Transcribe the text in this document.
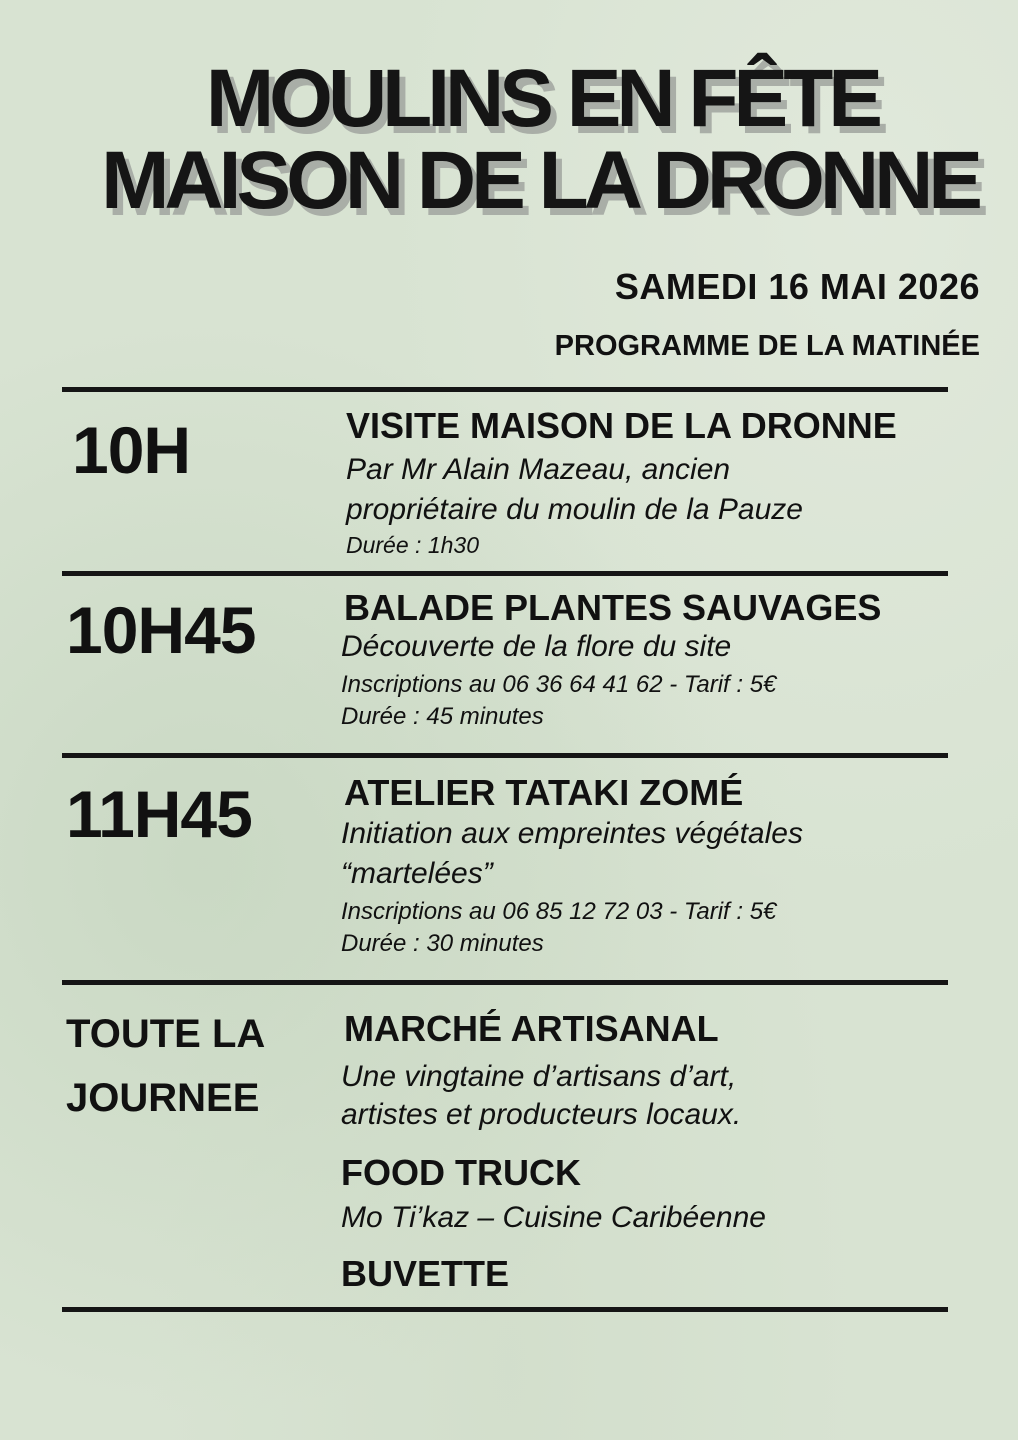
MOULINS EN FÊTE
MAISON DE LA DRONNE
SAMEDI 16 MAI 2026
PROGRAMME DE LA MATINÉE
10H	VISITE MAISON DE LA DRONNE
Par Mr Alain Mazeau, ancien
propriétaire du moulin de la Pauze
Durée : 1h30
10H45 BALADE PLANTES SAUVAGES
Découverte de la flore du site
Inscriptions au 06 36 64 41 62 - Tarif : 5€
Durée : 45 minutes
11H45	ATELIER TATAKI ZOMÉ
Initiation aux empreintes végétales
“martelées”
Inscriptions au 06 85 12 72 03 - Tarif : 5€
Durée : 30 minutes
TOUTE LA
JOURNEE
MARCHÉ ARTISANAL
Une vingtaine d’artisans d’art,
artistes et producteurs locaux.
FOOD TRUCK
Mo Ti’kaz – Cuisine Caribéenne
BUVETTE
